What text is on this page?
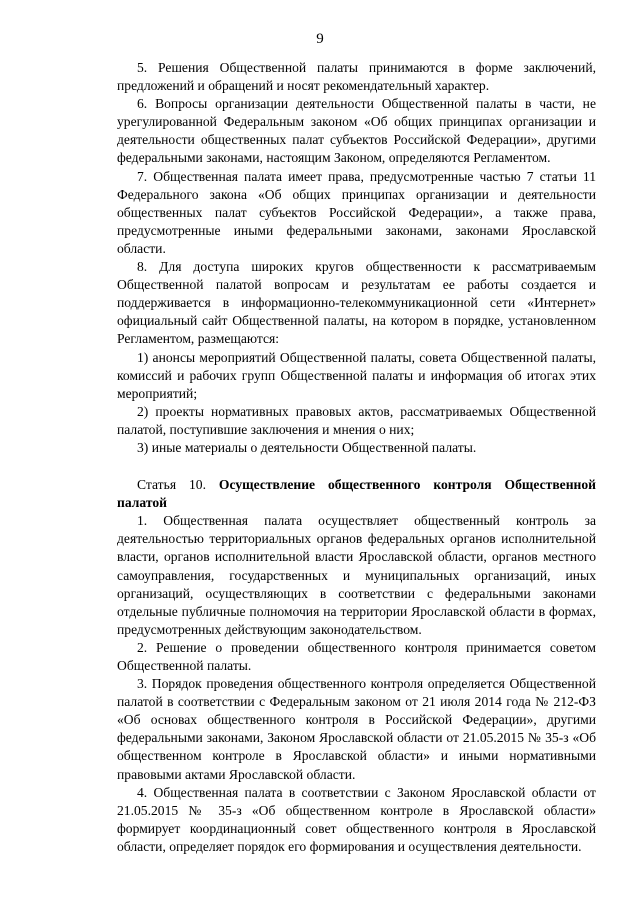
9

5. Решения Общественной палаты принимаются в форме заключений, предложений и обращений и носят рекомендательный характер.

6. Вопросы организации деятельности Общественной палаты в части, не урегулированной Федеральным законом «Об общих принципах организации и деятельности общественных палат субъектов Российской Федерации», другими федеральными законами, настоящим Законом, определяются Регламентом.

7. Общественная палата имеет права, предусмотренные частью 7 статьи 11 Федерального закона «Об общих принципах организации и деятельности общественных палат субъектов Российской Федерации», а также права, предусмотренные иными федеральными законами, законами Ярославской области.

8. Для доступа широких кругов общественности к рассматриваемым Общественной палатой вопросам и результатам ее работы создается и поддерживается в информационно-телекоммуникационной сети «Интернет» официальный сайт Общественной палаты, на котором в порядке, установленном Регламентом, размещаются:

1) анонсы мероприятий Общественной палаты, совета Общественной палаты, комиссий и рабочих групп Общественной палаты и информация об итогах этих мероприятий;

2) проекты нормативных правовых актов, рассматриваемых Общественной палатой, поступившие заключения и мнения о них;

3) иные материалы о деятельности Общественной палаты.

Статья 10. Осуществление общественного контроля Общественной палатой

1. Общественная палата осуществляет общественный контроль за деятельностью территориальных органов федеральных органов исполнительной власти, органов исполнительной власти Ярославской области, органов местного самоуправления, государственных и муниципальных организаций, иных организаций, осуществляющих в соответствии с федеральными законами отдельные публичные полномочия на территории Ярославской области в формах, предусмотренных действующим законодательством.

2. Решение о проведении общественного контроля принимается советом Общественной палаты.

3. Порядок проведения общественного контроля определяется Общественной палатой в соответствии с Федеральным законом от 21 июля 2014 года № 212-ФЗ «Об основах общественного контроля в Российской Федерации», другими федеральными законами, Законом Ярославской области от 21.05.2015 № 35-з «Об общественном контроле в Ярославской области» и иными нормативными правовыми актами Ярославской области.

4. Общественная палата в соответствии с Законом Ярославской области от 21.05.2015 № 35-з «Об общественном контроле в Ярославской области» формирует координационный совет общественного контроля в Ярославской области, определяет порядок его формирования и осуществления деятельности.
